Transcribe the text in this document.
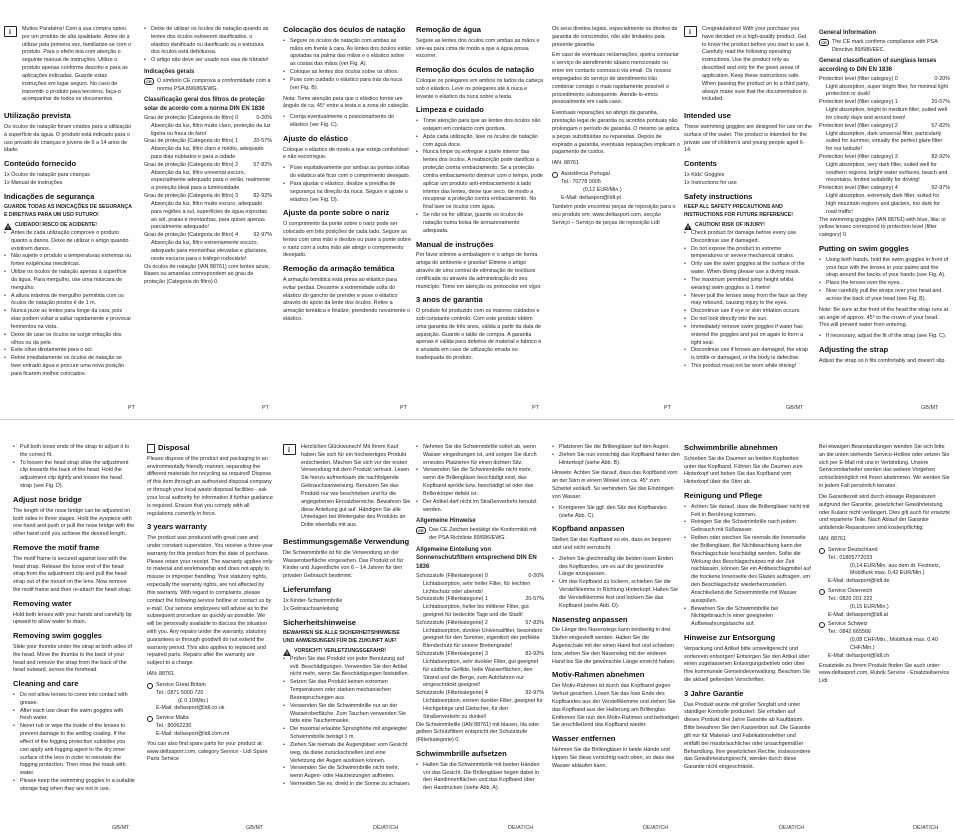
i
Muitos Parabéns! Com a sua compra optou por um produto de alta qualidade. Antes de a utilizar pela primeira vez, familiarize-se com o produto. Para o efeito leia com atenção o seguinte manual de instruções. Utilize o produto apenas conforme descrito e para as aplicações indicadas. Guarde estas instruções em lugar seguro. No caso de transmitir o produto para terceiros, faça-o acompanhar de todos os documentos.
Utilização prevista
Os óculos de natação foram criados para a utilização à superfície da água. O produto está indicado para o uso privado de crianças e jovens de 6 a 14 anos de idade.
Conteúdo fornecido
1x Óculos de natação para crianças
1x Manual de instruções
Indicações de segurança
GUARDE TODAS AS INDICAÇÕES DE SEGURANÇA E DIRETIVAS PARA UM USO FUTURO!
CUIDADO! RISCO DE ACIDENTE!
• Antes de cada utilização comprove o produto quanto a danos. Deixe de utilizar o artigo quando existirem danos.
• Não sujeite o produto a temperaturas extremas ou fortes exigências mecânicas.
• Utilize os óculos de natação apenas à superfície da água. Para mergulho, use uma máscara de mergulho.
• A altura máxima de mergulho permitida com os óculos de natação postos é de 1 m.
• Nunca puxe as lentes para longe da cara, pois elas podem voltar a saltar rapidamente e provocar ferimentos na vista.
• Deixe de usar os óculos se surgir irritação dos olhos ou da pele.
• Evite olhar diretamente para o sol.
• Retire imediatamente os óculos de natação se tiver entrado água e procure uma nova posição para ficarem melhor colocados.
• Deixe de utilizar os óculos de natação quando as lentes dos óculos estiverem danificados, o elástico danificado ou danificado ou o estrutura dos óculos está defeituosa.
• O artigo não deve ser usado nos vias de trânsito!
Indicações gerais
CE O símbolo CE comprova a conformidade com a norma PSA 89/686/EWG.
Classificação geral dos filtros de proteção solar de acordo com a norma DIN EN 1836
Grau de proteção (Categoria do filtro) 0	0-20%
Absorção da luz, filtro muito claro, proteção da luz ligeira ou fraca do farol
Grau de proteção (Categoria do filtro) 1	20-57%
Absorção da luz, filtro claro e médio, adequado para dias nublados e para a cidade
Grau de proteção (Categoria do filtro) 2	57-82%
Absorção da luz, filtro universal escuro, especialmente adequado para o verão, realmente a proteção ideal para a luminosidade
Grau de proteção (Categoria do filtro) 3	82-92%
Absorção da luz, filtro muito escuro, adequado para regiões a sul, superfícies de água expostas ao sol, praias e montanhas, para quiser apenas parcialmente adequado!
Grau de proteção (Categoria do filtro) 4	92-97%
Absorção da luz, filtro extremamente escuro, adequado para montanhas elevadas e glaciares, neste escuros para o tráfego rodoviário!
Os óculos de natação (IAN 88761) com lentes azuis, lilases ou amarelas correspondem ao grau de proteção (Categoria do filtro) 0.
Colocação dos óculos de natação
• Segure os óculos de natação com ambas as mãos em frente à cara. As lentes dos óculos estão apoiadas na palma das mãos e o elástico sobre as costas das mãos (ver Fig. A).
• Coloque as lentes dos óculos sobre os olhos.
• Puxe com cuidado o elástico para trás da nuca (ver Fig. B).
Nota: Tome atenção para que o elástico forme um ângulo de ca. 45° entre a testa e a zona do cabeção.
• Corrija eventualmente o posicionamento do elástico (ver Fig. C).
Ajuste do elástico
Coloque o elástico de modo a que esteja confortável e não escorregue.
• Puxe equitativamente por ambas as pontas soltas do elástico até ficar com o comprimento desejado.
• Para ajustar o elástico, deslize a presilha de segurança na direção da nuca. Segure e ajuste o elástico (ver Fig. D).
Ajuste da ponte sobre o nariz
O comprimento da ponte sobre o nariz pode ser colocado em três posições de cada lado. Segure as lentes com uma mão e deslize ou puxe a ponte sobre o nariz com a outra mão até atingir o comprimento desejado.
Remoção da armação temática
A armação temática está presa ao elástico para evitar perdas. Desarme a extremidade solta do elástico do gancho de prender e puxe o elástico através do apoio da lente dos óculos. Retire a armação temática e finalize, prendendo novamente o elástico.
Remoção de água
Segure as lentes dos óculos com ambas as mãos e vire-as para cima de modo a que a água possa escorrer.
Remoção dos óculos de natação
Coloque os polegares em ambos os lados da cabeça sob o elástico. Leve os polegares até à nuca e levante o elástico da nuca sobre a testa.
Limpeza e cuidado
• Tome atenção para que as lentes dos óculos não estejam em contacto com gordura.
• Após cada utilização, lave os óculos de natação com água doce.
• Nunca limpe ou esfregue a parte interior das lentes dos óculos. A reabsorção pode danificar a proteção contra embaciamento. Se a proteção contra embaciamento diminuir com o tempo, pode aplicar um produto anti-embaciamento à lado interior das lentes, deixe que seco, de modo a recuperar a proteção contra embaciamento. No final lave os óculos com água.
• Se não os for utilizar, guarde os óculos de natação numa bolsa de armazenamento adequada.
Manual de instruções
Por favor elimine a embalagem e o artigo de forma amiga do ambiente e gravitar! Elimine o artigo através de uma central de eliminação de resíduos certificada ou através da administração do seu município. Tome em atenção os protocolos em vigor.
3 anos de garantia
O produto foi produzido com os maiores cuidados e sob constante controlo. Com este produto obtém uma garantia de três anos, válida a partir da data de aquisição. Guarde o talão de compra. A garantia apenas é válida para defeitos de material e fabrico e é anulada em caso de utilização errada ou inadequada do produto.
Os seus direitos legais, especialmente os direitos de garantia do consumidor, não são limitados pela presente garantia.
Em caso de eventuais reclamações, queira contactar o serviço de atendimento abaixo mencionado ou entre em contacto connosco via email. Os nossos empregados do serviço de atendimento irão combinar consigo o mais rapidamente possível o procedimento subsequente. Atende-lo-emos pessoalmente em cada caso.
Eventuais reparações ao abrigo da garantia, prestação legal de garantia ou acordos pontuais não prolongam o período de garantia. O mesmo se aplica a peças substituídas ou reparadas. Depois de expirado a garantia, eventuais reparações implicam o pagamento de custos.
IAN: 88761
Assistência Portugal
Tel.: 70778 0005
(0,12 EUR/Min.)
E-Mail: deltasport@lidl.pt
Também pode encontrar peças de reposição para o seu produto em: www.deltasport.com, secção Serviço – Serviço de peças de reposição Lidl
i
Congratulations! With your purchase you have decided on a high-quality product. Get to know the product before you start to use it. Carefully read the following operating instructions. Use the product only as described and only for the given areas of application. Keep these instructions safe. When passing the product on to a third party, always make sure that the documentation is included.
Intended use
These swimming goggles are designed for use on the surface of the water. The product is intended for the private use of children's and young people aged 6-14.
Contents
1x Kids' Goggles
1x Instructions for use
Safety instructions
KEEP ALL SAFETY PRECAUTIONS AND INSTRUCTIONS FOR FUTURE REFERENCE!
CAUTION! RISK OF INJURY!
• Check product for damage before every use. Discontinue use if damaged.
• Do not expose the product to extreme temperatures or severe mechanical strains.
• Only use the swim goggles at the surface of the water. When diving please use a diving mask.
• The maximum permitted jump height whilst wearing swim goggles is 1 metre!
• Never pull the lenses away from the face as they may rebound, causing injury to the eyes.
• Discontinue use if eye or skin irritation occurs.
• Do not look directly into the sun.
• Immediately remove swim goggles if water has entered the goggles and put on again to form a tight seal.
• Discontinue use if lenses are damaged, the strap is brittle or damaged, or the body is defective.
• This product must not be worn while driving!
General Information
CE The CE mark confirms compliance with PSA Directive 89/686/EEC.
General classification of sunglass lenses according to DIN EN 1836
Protection level (filter category) 0	0-20%
Light absorption, super bright filter, for minimal light protection or dusk!
Protection level (filter category) 1	20-57%
Light absorption, bright to medium filter, suited well for cloudy days and around town!
Protection level (filter category) 2	57-82%
Light absorption, dark universal filter, particularly suited for summer, virtually the perfect glare filter for our latitude!
Protection level (filter category) 3	82-92%
Light absorption, very dark filter, suited well for southern regions, bright water surfaces, beach and mountains, limited suitability for driving!
Protection level (filter category) 4	92-97%
Light absorption, extremely dark filter, suited for high mountain regions and glaciers, too dark for road traffic!
The swimming goggles (IAN 88761) with blue, lilac or yellow lenses correspond to protection level (filter category) 0.
Putting on swim goggles
• Using both hands, hold the swim goggles in front of your face with the lenses in your palms and the strap around the backs of your hands (see Fig. A).
• Place the lenses over the eyes.
• Now carefully pull the straps over your head and across the back of your head (see Fig. B).
Note: Be sure at the front of the head the strap runs at an angle of approx. 45° to the crown of your head. This will prevent water from entering.
• If necessary, adjust the fit of the strap (see Fig. C).
Adjusting the strap
Adjust the strap so it fits comfortably and doesn't slip.
PT	PT	PT	PT	PT	GB/MT	GB/MT
• Pull both loose ends of the strap to adjust it to the correct fit.
• To loosen the head strap slide the adjustment clip towards the back of the head. Hold the adjustment clip tightly and loosen the head strap (see Fig. D).
Adjust nose bridge
The length of the nose bridge can be adjusted on both sides in three stages. Hold the eyepiece with one hand and push or pull the nose bridge with the other hand until you achieve the desired length.
Remove the motif frame
The motif frame is secured against loss with the head strap. Release the loose end of the head strap from the adjustment clip and pull the head strap out of the mount on the lens. Now remove the motif frame and then re-attach the head strap.
Removing water
Hold both lenses with your hands and carefully tip upward to allow water to drain.
Removing swim goggles
Slide your thumbs under the strap at both sides of the head. Move the thumbs to the back of your head and remove the strap from the back of the head outward, across the forehead.
Cleaning and care
• Do not allow lenses to come into contact with grease.
• After each use clean the swim goggles with fresh water.
• Never rub or wipe the inside of the lenses to prevent damage to the antifog coating. If the effect of the fogging protection subsides you can apply anti-fogging agent to the dry inner surface of the lens in order to reinstate the fogging protection. Then rinse the mask with water.
• Please keep the swimming goggles in a suitable storage bag when they are not in use.
Disposal
Please dispose of the product and packaging in an environmentally friendly manner, separating the different materials for recycling as required! Dispose of this item through an authorised disposal company or through your local waste disposal facilities - ask your local authority for information if further guidance is required. Ensure that you comply with all regulations currently in force.
3 years warranty
The product was produced with great care and under constant supervision. You receive a three-year warranty for this product from the date of purchase. Please retain your receipt. The warranty applies only to material and workmanship and does not apply to misuse or improper handling. Your statutory rights, especially the warranty rights, are not affected by this warranty. With regard to complaints, please contact the following service hotline or contact us by e-mail. Our service employees will advise as to the subsequent procedure as quickly as possible. We will be personally available to discuss the situation with you. Any repairs under the warranty, statutory guarantees or through goodwill do not extend the warranty period. This also applies to replaced and repaired parts. Repairs after the warranty are subject to a charge.
IAN: 88761
Service Great Britain
Tel.: 0871 5000 720
(£ 0.10/Min.)
E-Mail: deltasport@lidl.co.uk
Service Malta
Tel.: 80062230
E-Mail: deltasport@lidl.com.mt
You can also find spare parts for your product at: www.deltasport.com, category Service - Lidl Spare Parts Service
i
Herzlichen Glückwunsch! Mit Ihrem Kauf haben Sie sich für ein hochwertiges Produkt entschieden. Machen Sie sich vor der ersten Verwendung mit dem Produkt vertraut. Lesen Sie hierzu aufmerksam die nachfolgende Gebrauchsanweisung. Benutzen Sie das Produkt nur wie beschrieben und für die angegebenen Einsatzbereiche. Bewahren Sie diese Anleitung gut auf. Händigen Sie alle Unterlagen bei Weitergabe des Produkts an Dritte ebenfalls mit aus.
Bestimmungsgemäße Verwendung
Die Schwimmbrille ist für die Verwendung an der Wasseroberfläche vorgesehen. Das Produkt ist für Kinder und Jugendliche von 6 – 14 Jahren für den privaten Gebrauch bestimmt.
Lieferumfang
1x Kinder-Schwimmbrille
1x Gebrauchsanleitung
Sicherheitshinweise
BEWAHREN SIE ALLE SICHERHEITSHINWEISE UND ANWEISUNGEN FÜR DIE ZUKUNFT AUF!
VORSICHT! VERLETZUNGSGEFAHR!
• Prüfen Sie das Produkt vor jeder Benutzung auf evtl. Beschädigungen. Verwenden Sie den Artikel nicht mehr, wenn Sie Beschädigungen feststellen.
• Setzen Sie das Produkt keinen extremen Temperaturen oder starken mechanischen Beanspruchungen aus.
• Verwenden Sie die Schwimmbrille nur an der Wasseroberfläche. Zum Tauchen verwenden Sie bitte eine Tauchermaske.
• Die maximal erlaubte Sprunghöhe mit angelegter Schwimmbrille beträgt 1 m.
• Ziehen Sie niemals die Augengläser vom Gesicht weg, da diese zurückschnellen und eine Verletzung der Augen auslösen können.
• Verwenden Sie die Schwimmbrille nicht mehr, wenn Augen- oder Hautreizungen auftreten.
• Vermeiden Sie es, direkt in die Sonne zu schauen.
• Nehmen Sie die Schwimmbrille sofort ab, wenn Wasser eingedrungen ist, und sorgen Sie durch erneutes Platzieren für einen dichten Sitz.
• Verwenden Sie die Schwimmbrille nicht mehr, wenn die Brillengläser beschädigt sind, das Kopfband spröde bzw. beschädigt ist oder das Brillenkörper defekt ist.
• Der Artikel darf nicht im Straßenverkehr benutzt werden.
Allgemeine Hinweise
CE Das CE Zeichen bestätigt die Konformität mit der PSA Richtlinie 89/686/EWG.
Allgemeine Einteilung von Sonnenschutzfiltern entsprechend DIN EN 1836
Schutzstufe (Filterkategorie) 0	0-20%
Lichtabsorption, sehr heller Filter, für leichten Lichtschutz oder abends!
Schutzstufe (Filterkategorie) 1	20-57%
Lichtabsorption, heller bis mittlerer Filter, gut geeignet für bedeckte Tage und die Stadt!
Schutzstufe (Filterkategorie) 2	57-82%
Lichtabsorption, dunkler Universalfilter, besonders geeignet für den Sommer, eigentlich der perfekte Blendschutz für unsere Breitengrade!
Schutzstufe (Filterkategorie) 3	82-92%
Lichtabsorption, sehr dunkler Filter, gut geeignet für südliche Gefilde, helle Wasserflächen, den Strand und die Berge, zum Autofahren nur eingeschränkt geeignet!
Schutzstufe (Filterkategorie) 4	92-97%
Lichtabsorption, extrem dunkler Filter, geeignet für Hochgebirge und Gletscher, für den Straßenverkehr zu dunkel!
Die Schwimmbrille (IAN 88761) mit blauen, lila oder gelben Schutzfiltern entspricht der Schutzstufe (Filterkategorie) 0.
Schwimmbrille aufsetzen
• Halten Sie die Schwimmbrille mit beiden Händen vor das Gesicht. Die Brillengläser liegen dabei in den Handinnenflächen und das Kopfband über den Handrücken (siehe Abb. A).
• Platzieren Sie die Brillengläser auf den Augen.
• Ziehen Sie nun vorsichtig das Kopfband hinter den Hinterkopf (siehe Abb. B).
Hinweis: Achten Sie darauf, dass das Kopfband vorn an der Stirn in einem Winkel von ca. 45° zum Scheitel verläuft. So verhindern Sie das Eindringen von Wasser.
• Korrigieren Sie ggf. den Sitz des Kopfbandes (siehe Abb. C).
Kopfband anpassen
Stellen Sie das Kopfband so ein, dass es bequem sitzt und nicht verrutscht.
• Ziehen Sie gleichmäßig die beiden losen Enden des Kopfbandes, um es auf die gewünschte Länge anzupassen.
• Um das Kopfband zu lockern, schieben Sie die Verstellklemme in Richtung Hinterkopf. Halten Sie die Verstellklemme fest und lockern Sie das Kopfband (siehe Abb. D).
Nasensteg anpassen
Die Länge des Nasenstegs kann beidseitig in drei Stufen eingestellt werden. Halten Sie die Augenschale mit der einen Hand fest und schieben bzw. ziehen Sie den Nasensteg mit der anderen Hand bis Sie die gewünschte Länge erreicht haben.
Motiv-Rahmen abnehmen
Der Motiv-Rahmen ist durch das Kopfband gegen Verlust gesichert. Lösen Sie das lose Ende des Kopfbandes aus der Verstellklemme und ziehen Sie das Kopfband aus der Halterung am Brillenglas. Entfernen Sie nun den Motiv-Rahmen und befestigen Sie anschließend das Kopfband wieder.
Wasser entfernen
Nehmen Sie die Brillengläser in beide Hände und kippen Sie diese vorsichtig nach oben, so dass das Wasser ablaufen kann.
Schwimmbrille abnehmen
Schieben Sie die Daumen an beiden Kopfseiten unter das Kopfband. Führen Sie die Daumen zum Hinterkopf und heben Sie das Kopfband vom Hinterkopf über die Stirn ab.
Reinigung und Pflege
• Achten Sie darauf, dass die Brillengläser nicht mit Fett in Berührung kommen.
• Reinigen Sie die Schwimmbrille nach jedem Gebrauch mit Süßwasser.
• Reiben oder wischen Sie niemals die Innenseite der Brillengläser. Bei Nichtbeachtung kann der Beschlagschutz beschädigt werden. Sollte die Wirkung des Beschlagschutzes mit der Zeit nachlassen, können Sie ein Antibeschlagmittel auf die trockene Innenseite des Glases auftragen, um den Beschlagschutz wiederherzustellen. Anschließend die Schwimmbrille mit Wasser ausspülen.
• Bewahren Sie die Schwimmbrille bei Nichtgebrauch in einer geeigneten Aufbewahrungstasche auf.
Hinweise zur Entsorgung
Verpackung und Artikel bitte umweltgerecht und sortenrein entsorgen! Entsorgen Sie den Artikel über einen zugelassenen Entsorgungsbetrieb oder über Ihre kommunale Gemeindeverwaltung. Beachten Sie die aktuell geltenden Vorschriften.
3 Jahre Garantie
Das Produkt wurde mit großer Sorgfalt und unter ständiger Kontrolle produziert. Sie erhalten auf dieses Produkt drei Jahre Garantie ab Kaufdatum. Bitte bewahren Sie den Kassenbon auf. Die Garantie gilt nur für Material- und Fabrikationsfehler und entfällt bei missbräuchlicher oder unsachgemäßer Behandlung. Ihre gesetzlichen Rechte, insbesondere das Gewährleistungsrecht, werden durch diese Garantie nicht eingeschränkt.
Bei etwaigen Beanstandungen wenden Sie sich bitte an die unten stehende Service-Hotline oder setzen Sie sich per E-Mail mit uns in Verbindung. Unsere Servicemitarbeiter werden das weitere Vorgehen schnellstmöglich mit Ihnen abstimmen. Wir werden Sie in jedem Fall persönlich beraten.
Die Garantiezeit wird durch etwaige Reparaturen aufgrund der Garantie, gesetzlicher Gewährleistung oder Kulanz nicht verlängert. Dies gilt auch für ersetzte und reparierte Teile. Nach Ablauf der Garantie anfallende Reparaturen sind kostenpflichtig.
IAN: 88761
Service Deutschland
Tel.: 01805772033
(0,14 EUR/Min. aus dem dt. Festnetz, Mobilfunk max. 0,42 EUR/Min.)
E-Mail: deltasport@lidl.de
Service Österreich
Tel.: 0820 201 222
(0,15 EUR/Min.)
E-Mail: deltasport@lidl.at
Service Schweiz
Tel.: 0842 665566
(0,08 CHF/Min., Mobilfunk max. 0,40 CHF/Min.)
E-Mail: deltasport@lidl.ch
Ersatzteile zu Ihrem Produkt finden Sie auch unter: www.deltasport.com, Rubrik Service - Ersatzteilservice Lidl
GB/MT	GB/MT	DE/AT/CH	DE/AT/CH	DE/AT/CH	DE/AT/CH	DE/AT/CH
